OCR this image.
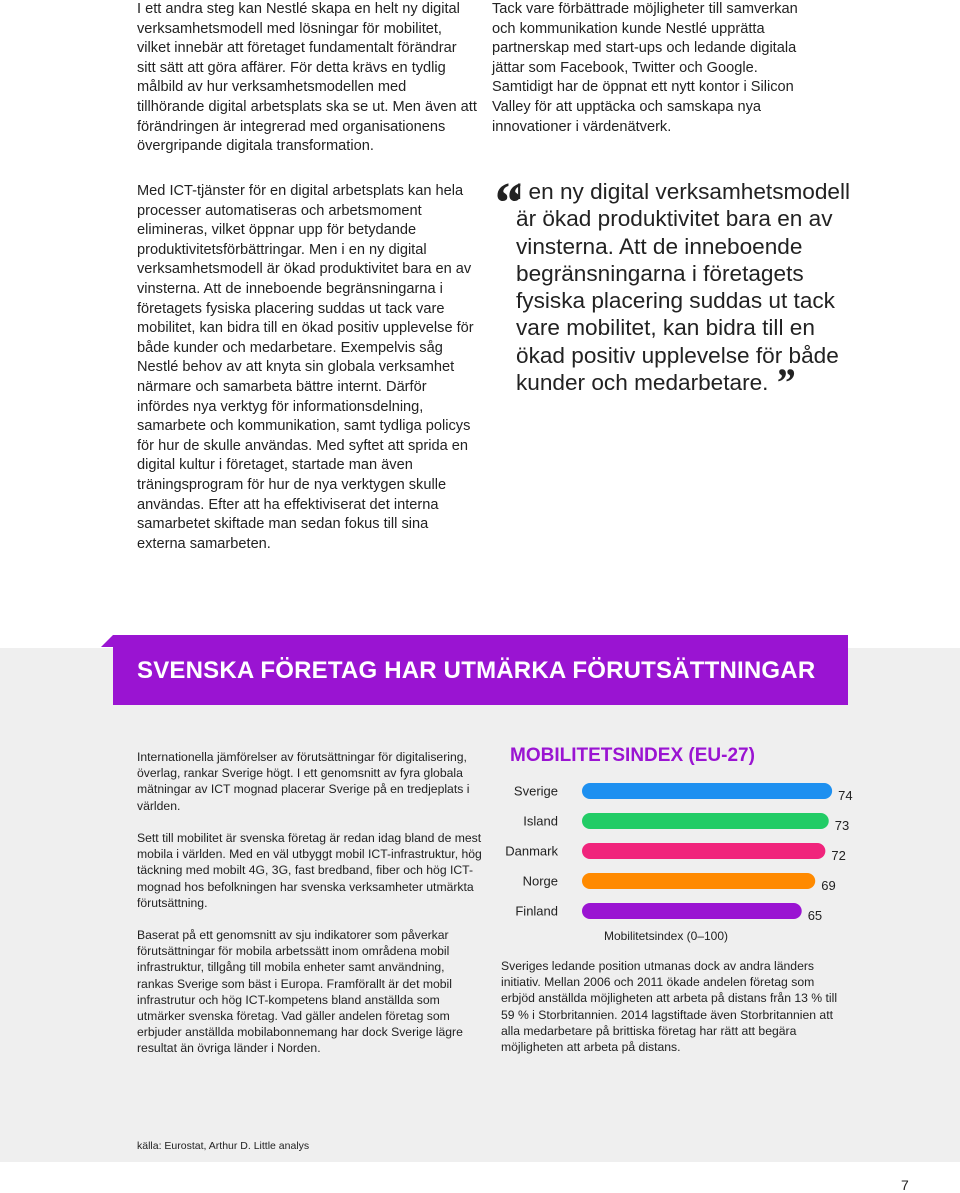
I ett andra steg kan Nestlé skapa en helt ny digital verksamhetsmodell med lösningar för mobilitet, vilket innebär att företaget fundamentalt förändrar sitt sätt att göra affärer. För detta krävs en tydlig målbild av hur verksamhetsmodellen med tillhörande digital arbetsplats ska se ut. Men även att förändringen är integrerad med organisationens övergripande digitala transformation.

Med ICT-tjänster för en digital arbetsplats kan hela processer automatiseras och arbetsmoment elimineras, vilket öppnar upp för betydande produktivitetsförbättringar. Men i en ny digital verksamhetsmodell är ökad produktivitet bara en av vinsterna. Att de inneboende begränsningarna i företagets fysiska placering suddas ut tack vare mobilitet, kan bidra till en ökad positiv upplevelse för både kunder och medarbetare. Exempelvis såg Nestlé behov av att knyta sin globala verksamhet närmare och samarbeta bättre internt. Därför infördes nya verktyg för informationsdelning, samarbete och kommunikation, samt tydliga policys för hur de skulle användas. Med syftet att sprida en digital kultur i företaget, startade man även träningsprogram för hur de nya verktygen skulle användas. Efter att ha effektiviserat det interna samarbetet skiftade man sedan fokus till sina externa samarbeten.

Tack vare förbättrade möjligheter till samverkan och kommunikation kunde Nestlé upprätta partnerskap med start-ups och ledande digitala jättar som Facebook, Twitter och Google. Samtidigt har de öppnat ett nytt kontor i Silicon Valley för att upptäcka och samskapa nya innovationer i värdenätverk.

“

I en ny digital verksamhetsmodell är ökad produktivitet bara en av vinsterna. Att de inneboende begränsningarna i företagets fysiska placering suddas ut tack vare mobilitet, kan bidra till en ökad positiv upplevelse för både kunder och medarbetare. ”

SVENSKA FÖRETAG HAR UTMÄRKA FÖRUTSÄTTNINGAR

Internationella jämförelser av förutsättningar för digitalisering, överlag, rankar Sverige högt. I ett genomsnitt av fyra globala mätningar av ICT mognad placerar Sverige på en tredjeplats i världen.

Sett till mobilitet är svenska företag är redan idag bland de mest mobila i världen. Med en väl utbyggt mobil ICT-infrastruktur, hög täckning med mobilt 4G, 3G, fast bredband, fiber och hög ICT-mognad hos befolkningen har svenska verksamheter utmärkta förutsättning.

Baserat på ett genomsnitt av sju indikatorer som påverkar förutsättningar för mobila arbetssätt inom områdena mobil infrastruktur, tillgång till mobila enheter samt användning, rankas Sverige som bäst i Europa. Framförallt är det mobil infrastrutur och hög ICT-kompetens bland anställda som utmärker svenska företag. Vad gäller andelen företag som erbjuder anställda mobilabonnemang har dock Sverige lägre resultat än övriga länder i Norden.

Sveriges ledande position utmanas dock av andra länders initiativ. Mellan 2006 och 2011 ökade andelen företag som erbjöd anställda möjligheten att arbeta på distans från 13 % till 59 % i Storbritannien. 2014 lagstiftade även Storbritannien att alla medarbetare på brittiska företag har rätt att begära möjligheten att arbeta på distans.

MOBILITETSINDEX (EU-27)
Sverige	74
Island	73
Danmark	72
Norge	69
Finland	65
Mobilitetsindex (0–100)

källa: Eurostat, Arthur D. Little analys

7
